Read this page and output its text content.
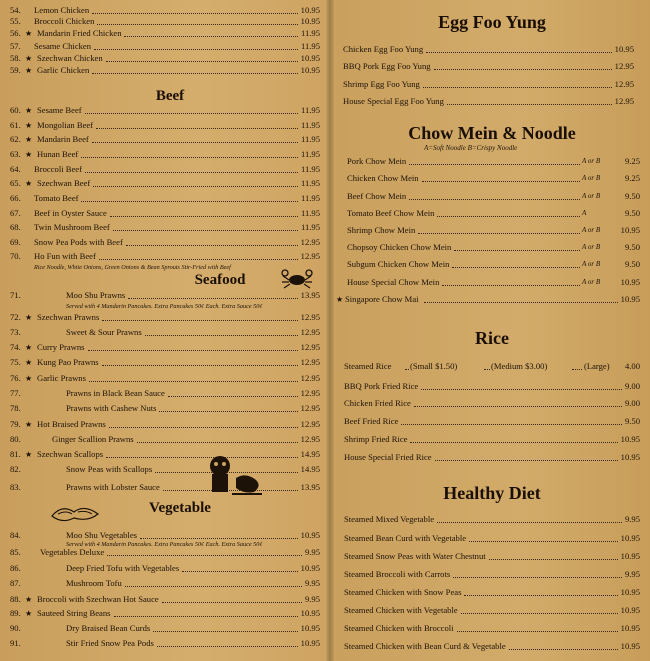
54.	Lemon Chicken	10.95
55.	Broccoli Chicken	10.95
56. ★ Mandarin Fried Chicken	11.95
57.	Sesame Chicken	11.95
58. ★ Szechwan Chicken	10.95
59. ★ Garlic Chicken	10.95
Beef
60. ★ Sesame Beef	11.95
61. ★ Mongolian Beef	11.95
62. ★ Mandarin Beef	11.95
63. ★ Hunan Beef	11.95
64.	Broccoli Beef	11.95
65. ★ Szechwan Beef	11.95
66.	Tomato Beef	11.95
67.	Beef in Oyster Sauce	11.95
68.	Twin Mushroom Beef	11.95
69.	Snow Pea Pods with Beef	12.95
70.	Ho Fun with Beef	12.95
Rice Noodle, White Onions, Green Onions & Bean Sprouts Stir-Fried with Beef
Seafood
71.	Moo Shu Prawns	13.95
72. ★ Szechwan Prawns	12.95
73.	Sweet & Sour Prawns	12.95
74. ★ Curry Prawns	12.95
75. ★ Kung Pao Prawns	12.95
76. ★ Garlic Prawns	12.95
77.	Prawns in Black Bean Sauce	12.95
78.	Prawns with Cashew Nuts	12.95
79. ★ Hot Braised Prawns	12.95
80.	Ginger Scallion Prawns	12.95
81. ★ Szechwan Scallops	14.95
82.	Snow Peas with Scallops	14.95
83.	Prawns with Lobster Sauce	13.95
Served with 4 Mandarin Pancakes. Extra Pancakes 50¢ Each. Extra Sauce 50¢
Vegetable
84.	Moo Shu Vegetables	10.95
85.	Vegetables Deluxe	9.95
86.	Deep Fried Tofu with Vegetables	10.95
87.	Mushroom Tofu	9.95
88. ★ Broccoli with Szechwan Hot Sauce	9.95
89. ★ Sauteed String Beans	10.95
90.	Dry Braised Bean Curds	10.95
91.	Stir Fried Snow Pea Pods	10.95
Served with 4 Mandarin Pancakes. Extra Pancakes 50¢ Each. Extra Sauce 50¢
Egg Foo Yung
Chicken Egg Foo Yung	10.95
BBQ Pork Egg Foo Yung	12.95
Shrimp Egg Foo Yung	12.95
House Special Egg Foo Yung	12.95
Chow Mein & Noodle
A=Soft Noodle B=Crispy Noodle
Pork Chow Mein	A or B	9.25
Chicken Chow Mein	A or B	9.25
Beef Chow Mein	A or B	9.50
Tomato Beef Chow Mein	A	9.50
Shrimp Chow Mein	A or B 10.95
Chopsoy Chicken Chow Mein	A or B	9.50
Subgum Chicken Chow Mein	A or B	9.50
House Special Chow Mein	A or B 10.95
Singapore Chow Mai	10.95
★
Rice
Steamed Rice (Small $1.50)	(Medium $3.00)	(Large) 4.00
BBQ Pork Fried Rice	9.00
Chicken Fried Rice	9.00
Beef Fried Rice	9.50
Shrimp Fried Rice	10.95
House Special Fried Rice	10.95
Healthy Diet
Steamed Mixed Vegetable	9.95
Steamed Bean Curd with Vegetable	10.95
Steamed Snow Peas with Water Chestnut	10.95
Steamed Broccoli with Carrots	9.95
Steamed Chicken with Snow Peas	10.95
Steamed Chicken with Vegetable	10.95
Steamed Chicken with Broccoli	10.95
Steamed Chicken with Bean Curd & Vegetable	10.95
